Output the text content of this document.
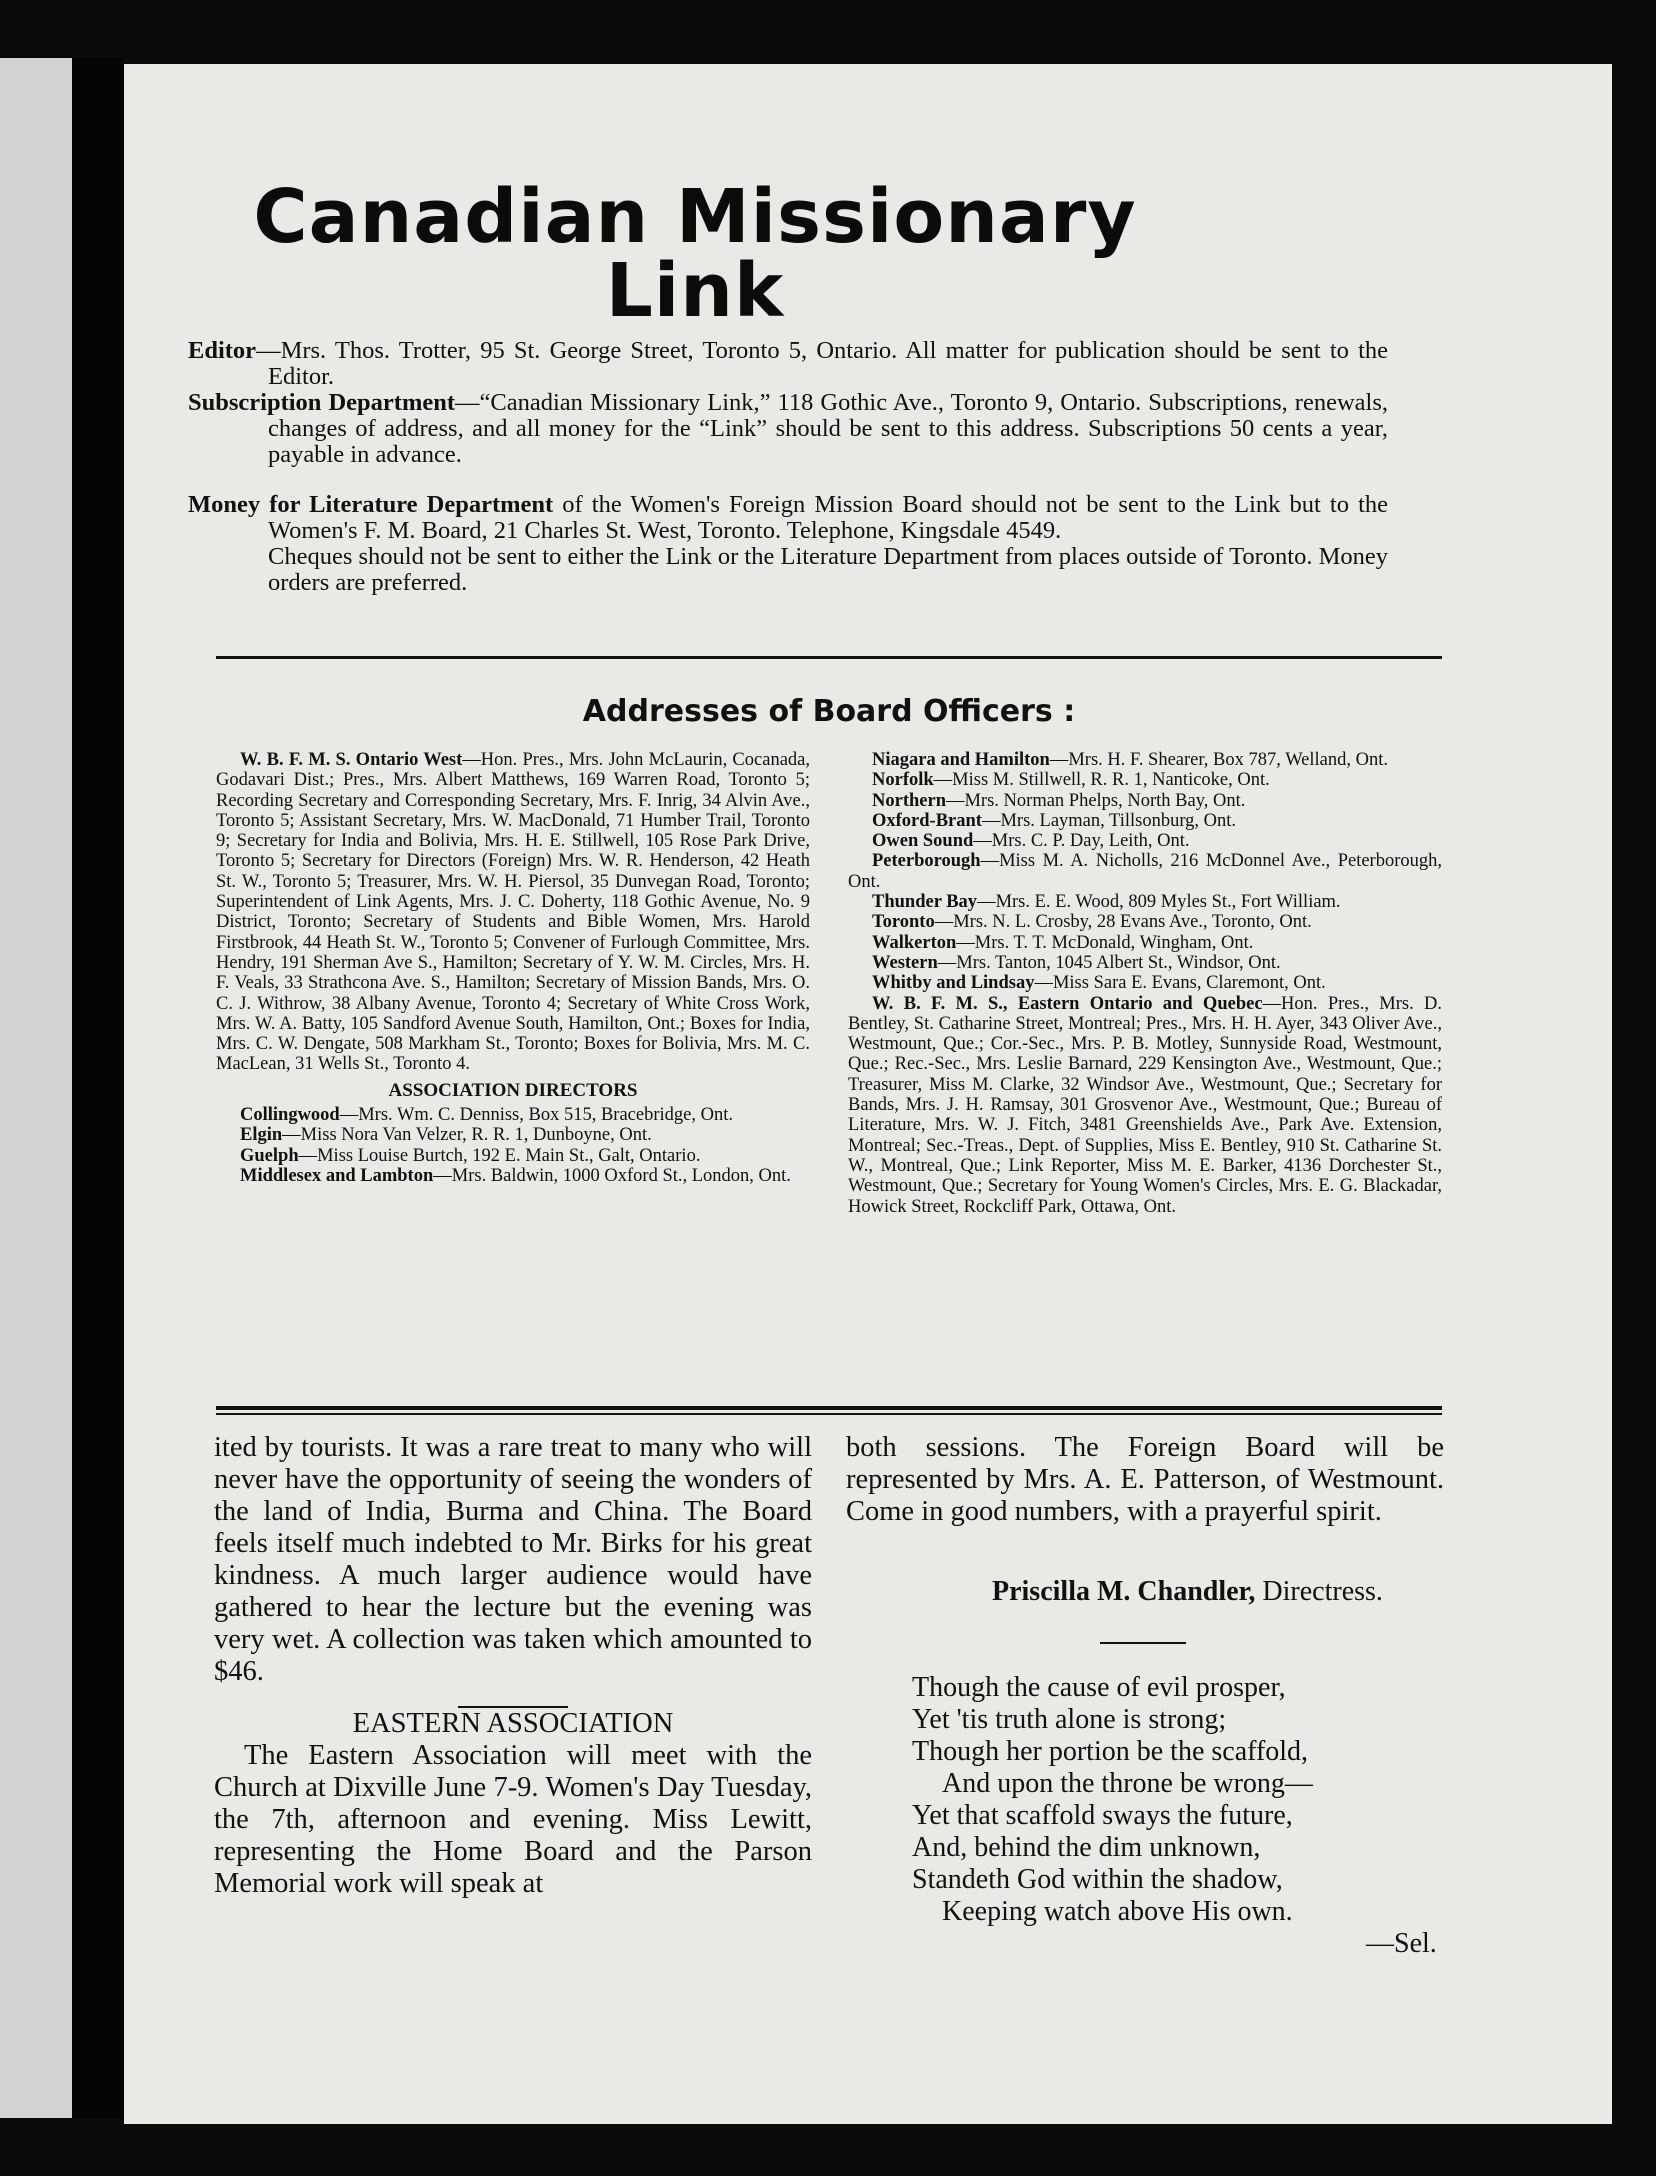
Canadian Missionary Link

Editor—Mrs. Thos. Trotter, 95 St. George Street, Toronto 5, Ontario. All matter for publication should be sent to the Editor.

Subscription Department—“Canadian Missionary Link,” 118 Gothic Ave., Toronto 9, Ontario. Subscriptions, renewals, changes of address, and all money for the “Link” should be sent to this address. Subscriptions 50 cents a year, payable in advance.

Money for Literature Department of the Women's Foreign Mission Board should not be sent to the Link but to the Women's F. M. Board, 21 Charles St. West, Toronto. Telephone, Kingsdale 4549.

Cheques should not be sent to either the Link or the Literature Department from places outside of Toronto. Money orders are preferred.

Addresses of Board Officers :

W. B. F. M. S. Ontario West—Hon. Pres., Mrs. John McLaurin, Cocanada, Godavari Dist.; Pres., Mrs. Albert Matthews, 169 Warren Road, Toronto 5; Recording Secretary and Corresponding Secretary, Mrs. F. Inrig, 34 Alvin Ave., Toronto 5; Assistant Secretary, Mrs. W. MacDonald, 71 Humber Trail, Toronto 9; Secretary for India and Bolivia, Mrs. H. E. Stillwell, 105 Rose Park Drive, Toronto 5; Secretary for Directors (Foreign) Mrs. W. R. Henderson, 42 Heath St. W., Toronto 5; Treasurer, Mrs. W. H. Piersol, 35 Dunvegan Road, Toronto; Superintendent of Link Agents, Mrs. J. C. Doherty, 118 Gothic Avenue, No. 9 District, Toronto; Secretary of Students and Bible Women, Mrs. Harold Firstbrook, 44 Heath St. W., Toronto 5; Convener of Furlough Committee, Mrs. Hendry, 191 Sherman Ave S., Hamilton; Secretary of Y. W. M. Circles, Mrs. H. F. Veals, 33 Strathcona Ave. S., Hamilton; Secretary of Mission Bands, Mrs. O. C. J. Withrow, 38 Albany Avenue, Toronto 4; Secretary of White Cross Work, Mrs. W. A. Batty, 105 Sandford Avenue South, Hamilton, Ont.; Boxes for India, Mrs. C. W. Dengate, 508 Markham St., Toronto; Boxes for Bolivia, Mrs. M. C. MacLean, 31 Wells St., Toronto 4.

ASSOCIATION DIRECTORS

Collingwood—Mrs. Wm. C. Denniss, Box 515, Bracebridge, Ont.

Elgin—Miss Nora Van Velzer, R. R. 1, Dunboyne, Ont.

Guelph—Miss Louise Burtch, 192 E. Main St., Galt, Ontario.

Middlesex and Lambton—Mrs. Baldwin, 1000 Oxford St., London, Ont.

Niagara and Hamilton—Mrs. H. F. Shearer, Box 787, Welland, Ont.

Norfolk—Miss M. Stillwell, R. R. 1, Nanticoke, Ont.

Northern—Mrs. Norman Phelps, North Bay, Ont.

Oxford-Brant—Mrs. Layman, Tillsonburg, Ont.

Owen Sound—Mrs. C. P. Day, Leith, Ont.

Peterborough—Miss M. A. Nicholls, 216 McDonnel Ave., Peterborough, Ont.

Thunder Bay—Mrs. E. E. Wood, 809 Myles St., Fort William.

Toronto—Mrs. N. L. Crosby, 28 Evans Ave., Toronto, Ont.

Walkerton—Mrs. T. T. McDonald, Wingham, Ont.

Western—Mrs. Tanton, 1045 Albert St., Windsor, Ont.

Whitby and Lindsay—Miss Sara E. Evans, Claremont, Ont.

W. B. F. M. S., Eastern Ontario and Quebec—Hon. Pres., Mrs. D. Bentley, St. Catharine Street, Montreal; Pres., Mrs. H. H. Ayer, 343 Oliver Ave., Westmount, Que.; Cor.-Sec., Mrs. P. B. Motley, Sunnyside Road, Westmount, Que.; Rec.-Sec., Mrs. Leslie Barnard, 229 Kensington Ave., Westmount, Que.; Treasurer, Miss M. Clarke, 32 Windsor Ave., Westmount, Que.; Secretary for Bands, Mrs. J. H. Ramsay, 301 Grosvenor Ave., Westmount, Que.; Bureau of Literature, Mrs. W. J. Fitch, 3481 Greenshields Ave., Park Ave. Extension, Montreal; Sec.-Treas., Dept. of Supplies, Miss E. Bentley, 910 St. Catharine St. W., Montreal, Que.; Link Reporter, Miss M. E. Barker, 4136 Dorchester St., Westmount, Que.; Secretary for Young Women's Circles, Mrs. E. G. Blackadar, Howick Street, Rockcliff Park, Ottawa, Ont.

ited by tourists. It was a rare treat to many who will never have the opportunity of seeing the wonders of the land of India, Burma and China. The Board feels itself much indebted to Mr. Birks for his great kindness. A much larger audience would have gathered to hear the lecture but the evening was very wet. A collection was taken which amounted to $46.

EASTERN ASSOCIATION

The Eastern Association will meet with the Church at Dixville June 7-9. Women's Day Tuesday, the 7th, afternoon and evening. Miss Lewitt, representing the Home Board and the Parson Memorial work will speak at

both sessions. The Foreign Board will be represented by Mrs. A. E. Patterson, of Westmount. Come in good numbers, with a prayerful spirit.

Priscilla M. Chandler, Directress.
Though the cause of evil prosper,
Yet 'tis truth alone is strong;
Though her portion be the scaffold,
And upon the throne be wrong—
Yet that scaffold sways the future,
And, behind the dim unknown,
Standeth God within the shadow,
Keeping watch above His own.
—Sel.
